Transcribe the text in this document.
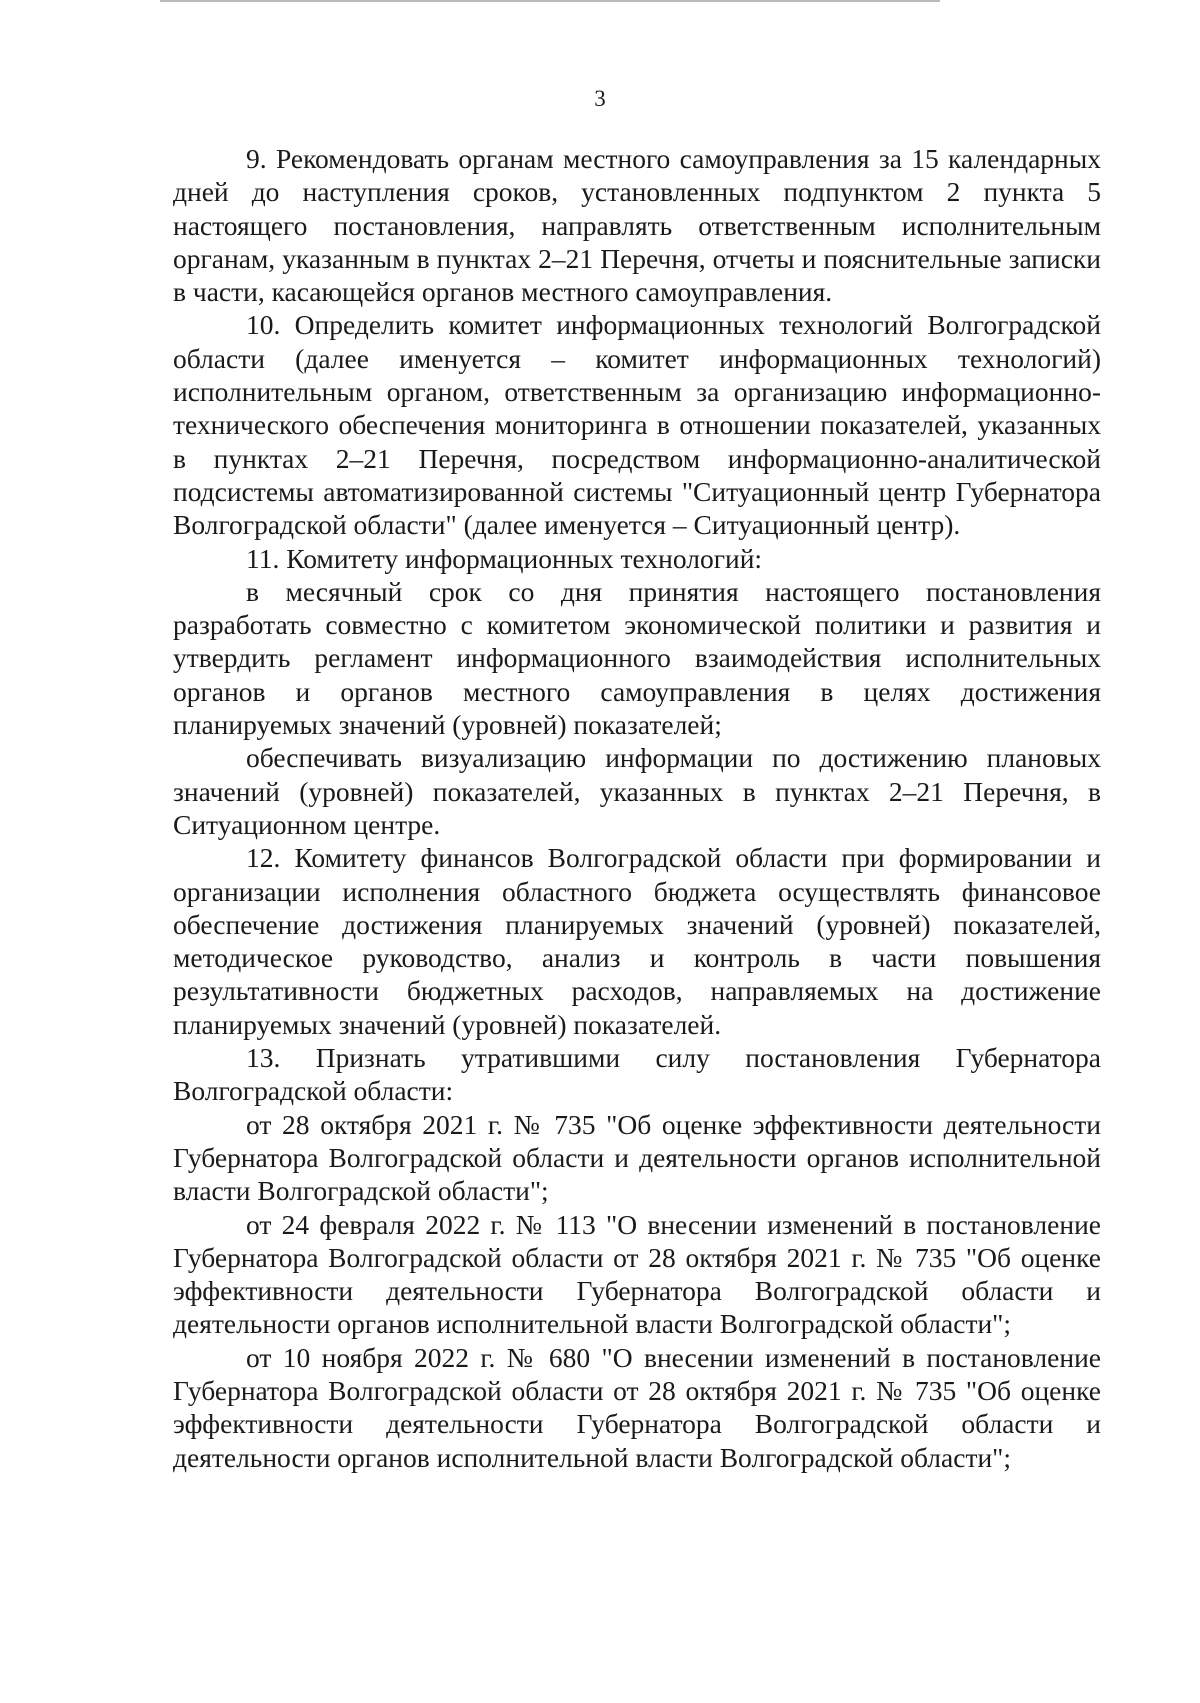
3

9. Рекомендовать органам местного самоуправления за 15 календарных дней до наступления сроков, установленных подпунктом 2 пункта 5 настоящего постановления, направлять ответственным исполнительным органам, указанным в пунктах 2–21 Перечня, отчеты и пояснительные записки в части, касающейся органов местного самоуправления.

10. Определить комитет информационных технологий Волгоградской области (далее именуется – комитет информационных технологий) исполнительным органом, ответственным за организацию информационно-технического обеспечения мониторинга в отношении показателей, указанных в пунктах 2–21 Перечня, посредством информационно-аналитической подсистемы автоматизированной системы "Ситуационный центр Губернатора Волгоградской области" (далее именуется – Ситуационный центр).

11. Комитету информационных технологий:

в месячный срок со дня принятия настоящего постановления разработать совместно с комитетом экономической политики и развития и утвердить регламент информационного взаимодействия исполнительных органов и органов местного самоуправления в целях достижения планируемых значений (уровней) показателей;

обеспечивать визуализацию информации по достижению плановых значений (уровней) показателей, указанных в пунктах 2–21 Перечня, в Ситуационном центре.

12. Комитету финансов Волгоградской области при формировании и организации исполнения областного бюджета осуществлять финансовое обеспечение достижения планируемых значений (уровней) показателей, методическое руководство, анализ и контроль в части повышения результативности бюджетных расходов, направляемых на достижение планируемых значений (уровней) показателей.

13. Признать утратившими силу постановления Губернатора Волгоградской области:

от 28 октября 2021 г. № 735 "Об оценке эффективности деятельности Губернатора Волгоградской области и деятельности органов исполнительной власти Волгоградской области";

от 24 февраля 2022 г. № 113 "О внесении изменений в постановление Губернатора Волгоградской области от 28 октября 2021 г. № 735 "Об оценке эффективности деятельности Губернатора Волгоградской области и деятельности органов исполнительной власти Волгоградской области";

от 10 ноября 2022 г. № 680 "О внесении изменений в постановление Губернатора Волгоградской области от 28 октября 2021 г. № 735 "Об оценке эффективности деятельности Губернатора Волгоградской области и деятельности органов исполнительной власти Волгоградской области";
